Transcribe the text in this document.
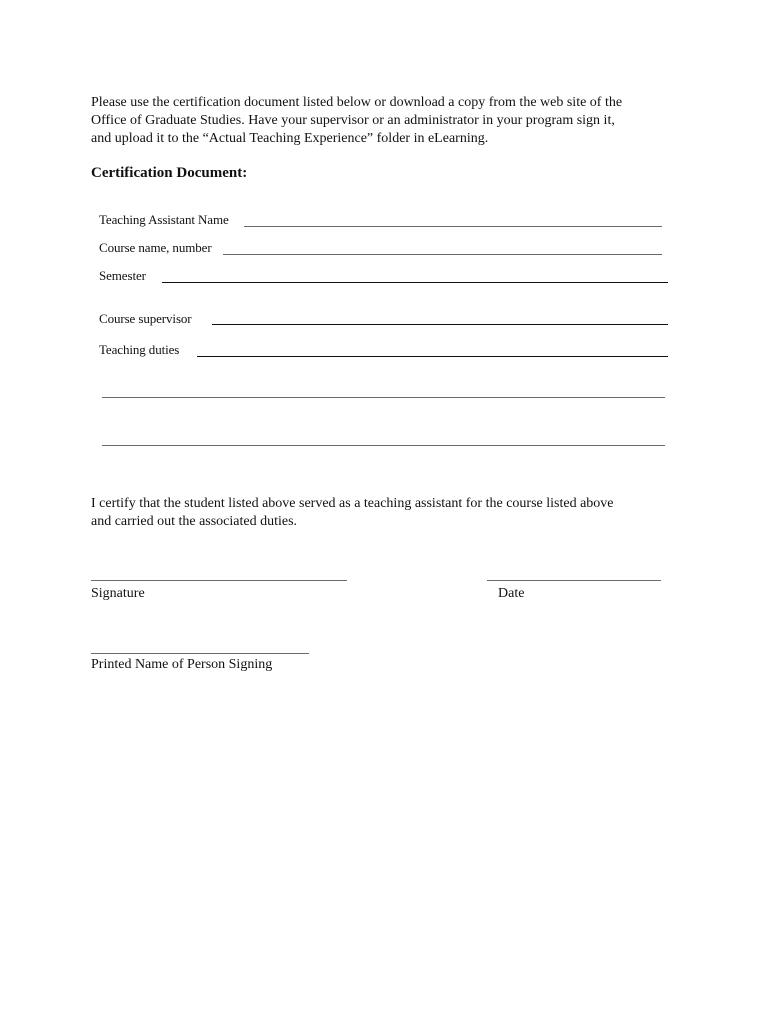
Please use the certification document listed below or download a copy from the web site of the
Office of Graduate Studies. Have your supervisor or an administrator in your program sign it,
and upload it to the “Actual Teaching Experience” folder in eLearning.

Certification Document:
Teaching Assistant Name
Course name, number
Semester
Course supervisor
Teaching duties

I certify that the student listed above served as a teaching assistant for the course listed above
and carried out the associated duties.

Signature	Date
Printed Name of Person Signing
